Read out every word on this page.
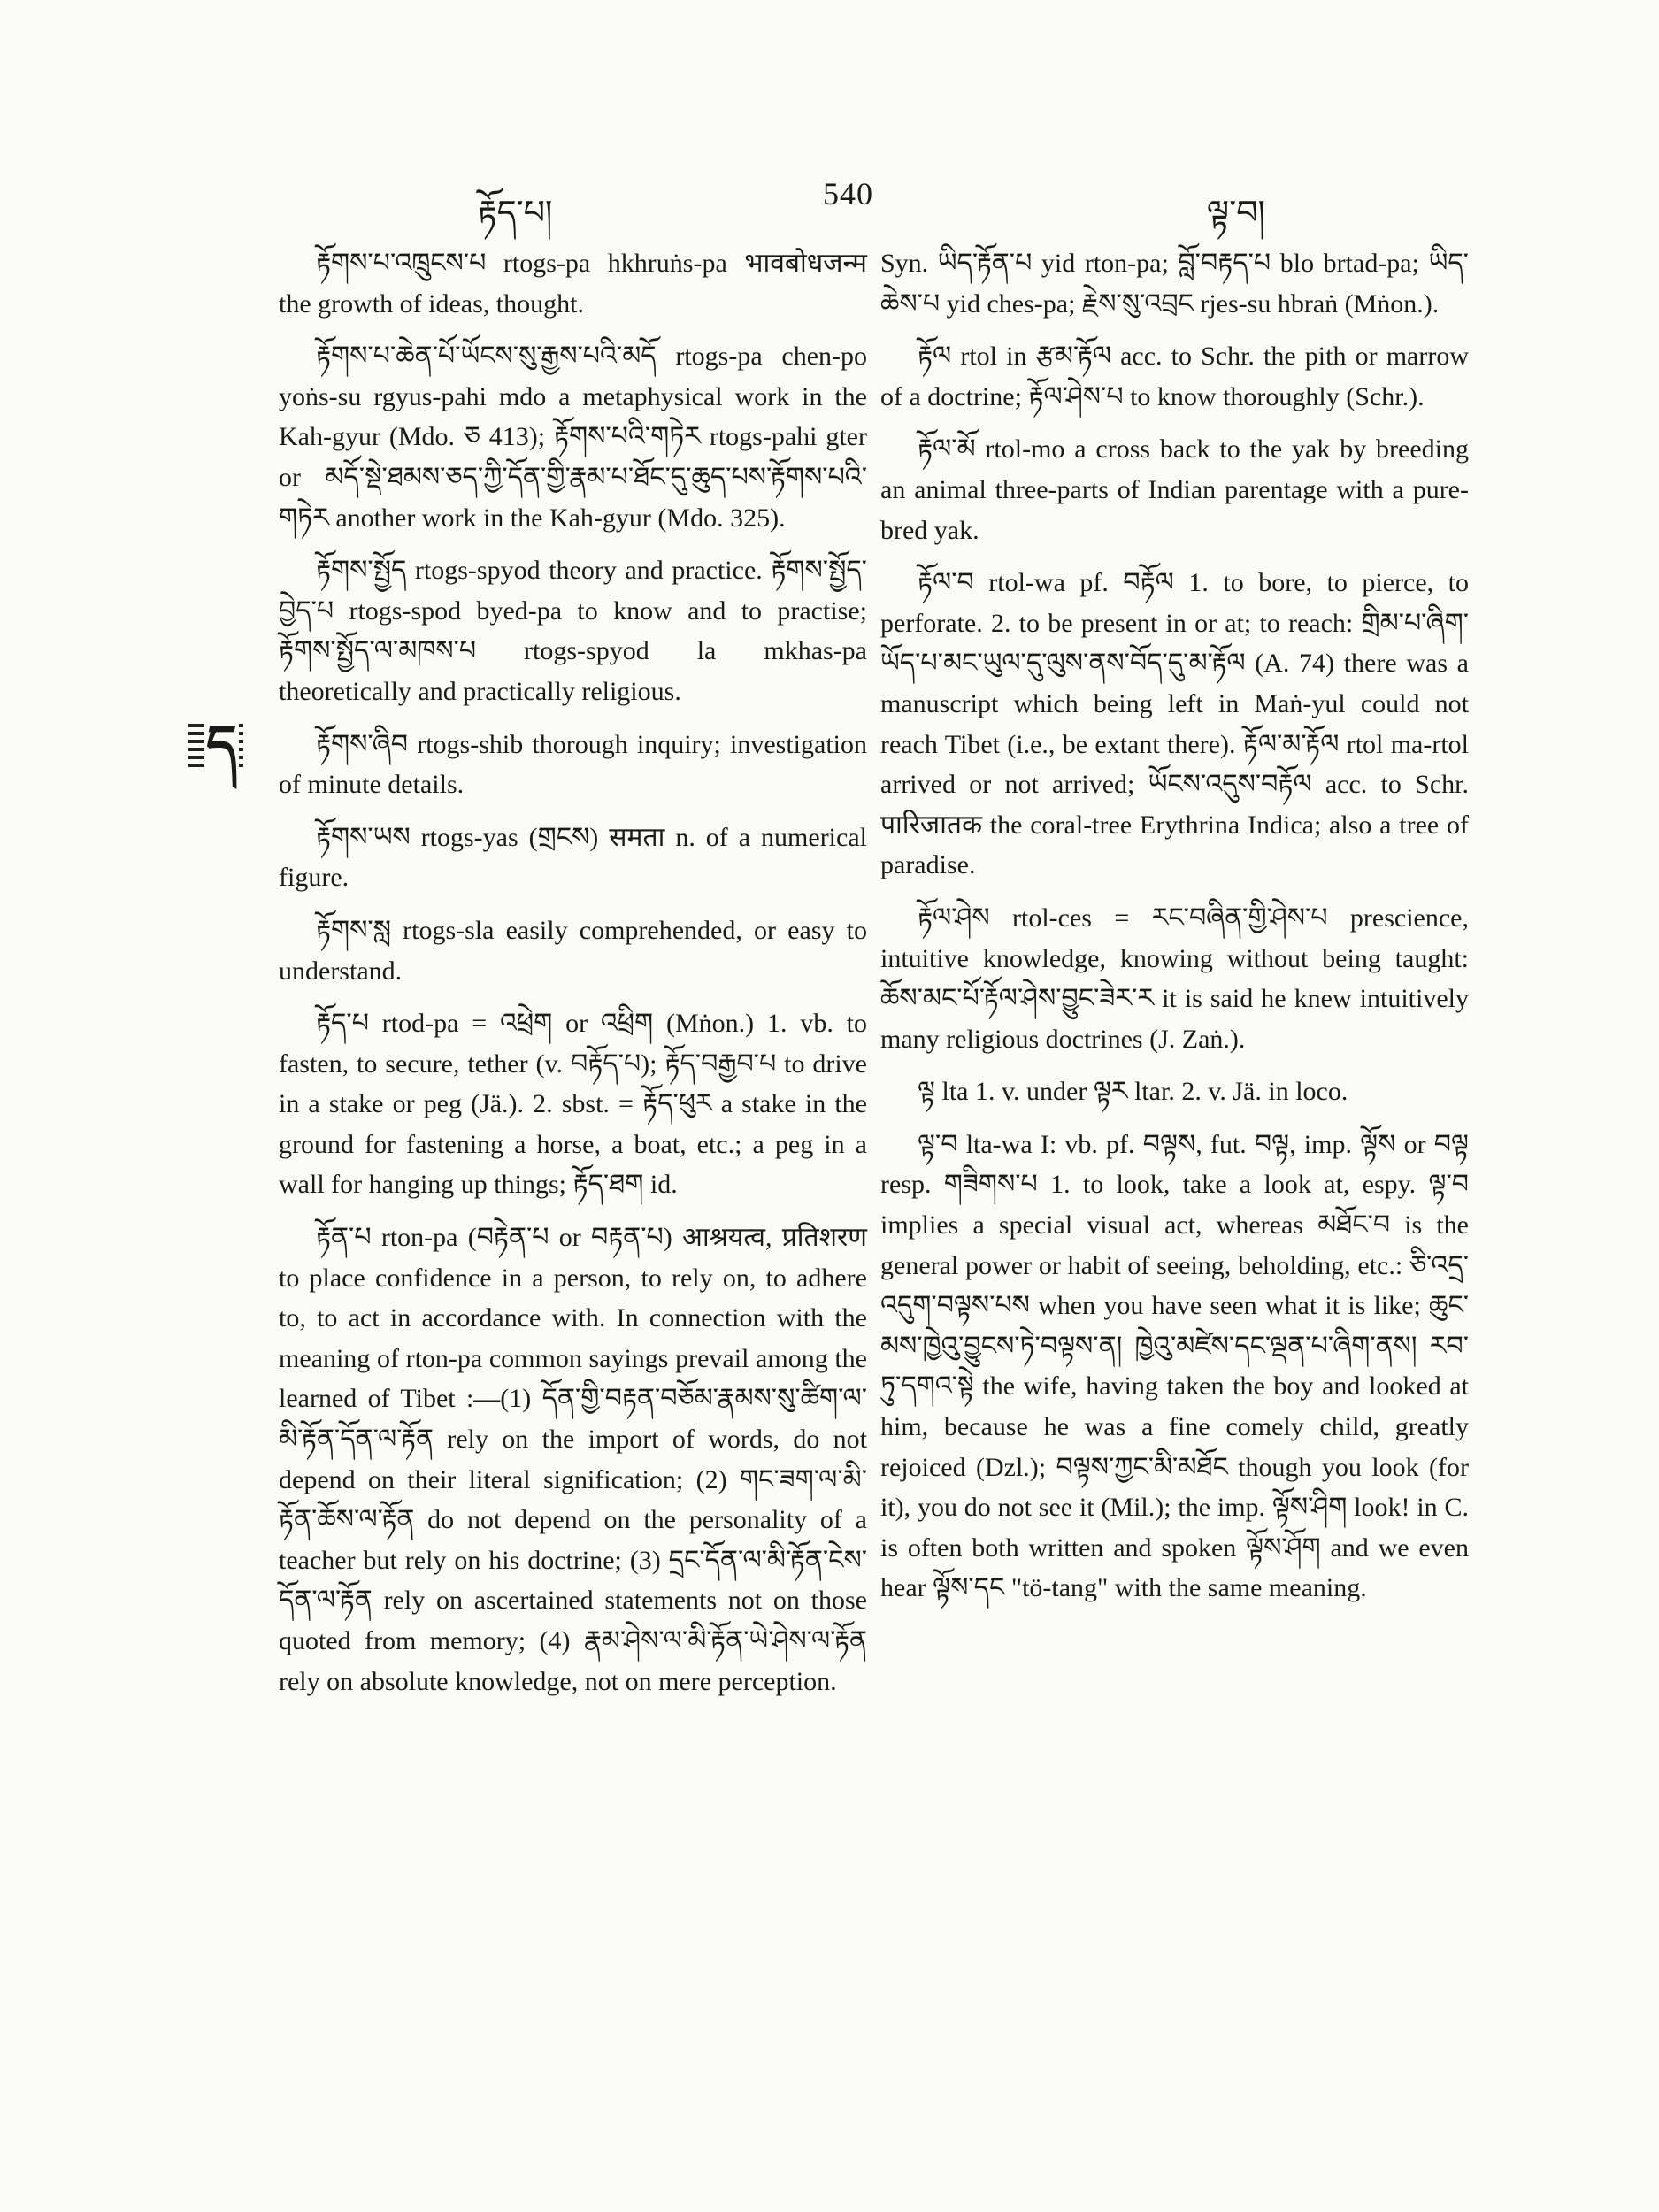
རྟོད་པ།
540
ལྟ་བ།
ད

རྟོགས་པ་འཁྲུངས་པ rtogs-pa hkhruṅs-pa भावबोधजन्म the growth of ideas, thought.

རྟོགས་པ་ཆེན་པོ་ཡོངས་སུ་རྒྱས་པའི་མདོ rtogs-pa chen-po yoṅs-su rgyus-pahi mdo a metaphysical work in the Kah-gyur (Mdo. ཅ 413); རྟོགས་པའི་གཏེར rtogs-pahi gter or མདོ་སྡེ་ཐམས་ཅད་ཀྱི་དོན་གྱི་རྣམ་པ་ཐོང་དུ་ཆུད་པས་རྟོགས་པའི་གཏེར another work in the Kah-gyur (Mdo. 325).

རྟོགས་སྤྱོད rtogs-spyod theory and practice. རྟོགས་སྤྱོད་བྱེད་པ rtogs-spod byed-pa to know and to practise; རྟོགས་སྤྱོད་ལ་མཁས་པ rtogs-spyod la mkhas-pa theoretically and practically religious.

རྟོགས་ཞིབ rtogs-shib thorough inquiry; investigation of minute details.

རྟོགས་ཡས rtogs-yas (གྲངས) समता n. of a numerical figure.

རྟོགས་སླ rtogs-sla easily comprehended, or easy to understand.

རྟོད་པ rtod-pa = འཕྲེག or འཕྲིག (Mṅon.) 1. vb. to fasten, to secure, tether (v. བརྟོད་པ); རྟོད་བརྒྱབ་པ to drive in a stake or peg (Jä.). 2. sbst. = རྟོད་ཕུར a stake in the ground for fastening a horse, a boat, etc.; a peg in a wall for hanging up things; རྟོད་ཐག id.

རྟོན་པ rton-pa (བརྟེན་པ or བརྟན་པ) आश्रयत्व, प्रतिशरण to place confidence in a person, to rely on, to adhere to, to act in accordance with. In connection with the meaning of rton-pa common sayings prevail among the learned of Tibet :—(1) དོན་གྱི་བརྟན་བཅོམ་རྣམས་སུ་ཚིག་ལ་མི་རྟོན་དོན་ལ་རྟོན rely on the import of words, do not depend on their literal signification; (2) གང་ཟག་ལ་མི་རྟོན་ཆོས་ལ་རྟོན do not depend on the personality of a teacher but rely on his doctrine; (3) དྲང་དོན་ལ་མི་རྟོན་ངེས་དོན་ལ་རྟོན rely on ascertained statements not on those quoted from memory; (4) རྣམ་ཤེས་ལ་མི་རྟོན་ཡེ་ཤེས་ལ་རྟོན rely on absolute knowledge, not on mere perception.

Syn. ཡིད་རྟོན་པ yid rton-pa; བློ་བརྟད་པ blo brtad-pa; ཡིད་ཆེས་པ yid ches-pa; རྗེས་སུ་འབྲང rjes-su hbraṅ (Mṅon.).

རྟོལ rtol in རྩམ་རྟོལ acc. to Schr. the pith or marrow of a doctrine; རྟོལ་ཤེས་པ to know thoroughly (Schr.).

རྟོལ་མོ rtol-mo a cross back to the yak by breeding an animal three-parts of Indian parentage with a pure-bred yak.

རྟོལ་བ rtol-wa pf. བརྟོལ 1. to bore, to pierce, to perforate. 2. to be present in or at; to reach: གྲིམ་པ་ཞིག་ཡོད་པ་མང་ཡུལ་དུ་ལུས་ནས་བོད་དུ་མ་རྟོལ (A. 74) there was a manuscript which being left in Maṅ-yul could not reach Tibet (i.e., be extant there). རྟོལ་མ་རྟོལ rtol ma-rtol arrived or not arrived; ཡོངས་འདུས་བརྟོལ acc. to Schr. पारिजातक the coral-tree Erythrina Indica; also a tree of paradise.

རྟོལ་ཤེས rtol-ces = རང་བཞིན་གྱི་ཤེས་པ prescience, intuitive knowledge, knowing without being taught: ཆོས་མང་པོ་རྟོལ་ཤེས་བྱུང་ཟེར་ར it is said he knew intuitively many religious doctrines (J. Zaṅ.).

ལྟ lta 1. v. under ལྟར ltar. 2. v. Jä. in loco.

ལྟ་བ lta-wa I: vb. pf. བལྟས, fut. བལྟ, imp. ལྟོས or བལྟ resp. གཟིགས་པ 1. to look, take a look at, espy. ལྟ་བ implies a special visual act, whereas མཐོང་བ is the general power or habit of seeing, beholding, etc.: ཅི་འདྲ་འདུག་བལྟས་པས when you have seen what it is like; ཆུང་མས་ཁྱེའུ་བྱུངས་ཏེ་བལྟས་ན། ཁྱེའུ་མཛེས་དང་ལྡན་པ་ཞིག་ནས། རབ་ཏུ་དགའ་སྟེ the wife, having taken the boy and looked at him, because he was a fine comely child, greatly rejoiced (Dzl.); བལྟས་ཀྱང་མི་མཐོང though you look (for it), you do not see it (Mil.); the imp. ལྟོས་ཤིག look! in C. is often both written and spoken ལྟོས་ཤོག and we even hear ལྟོས་དང "tö-tang" with the same meaning.
